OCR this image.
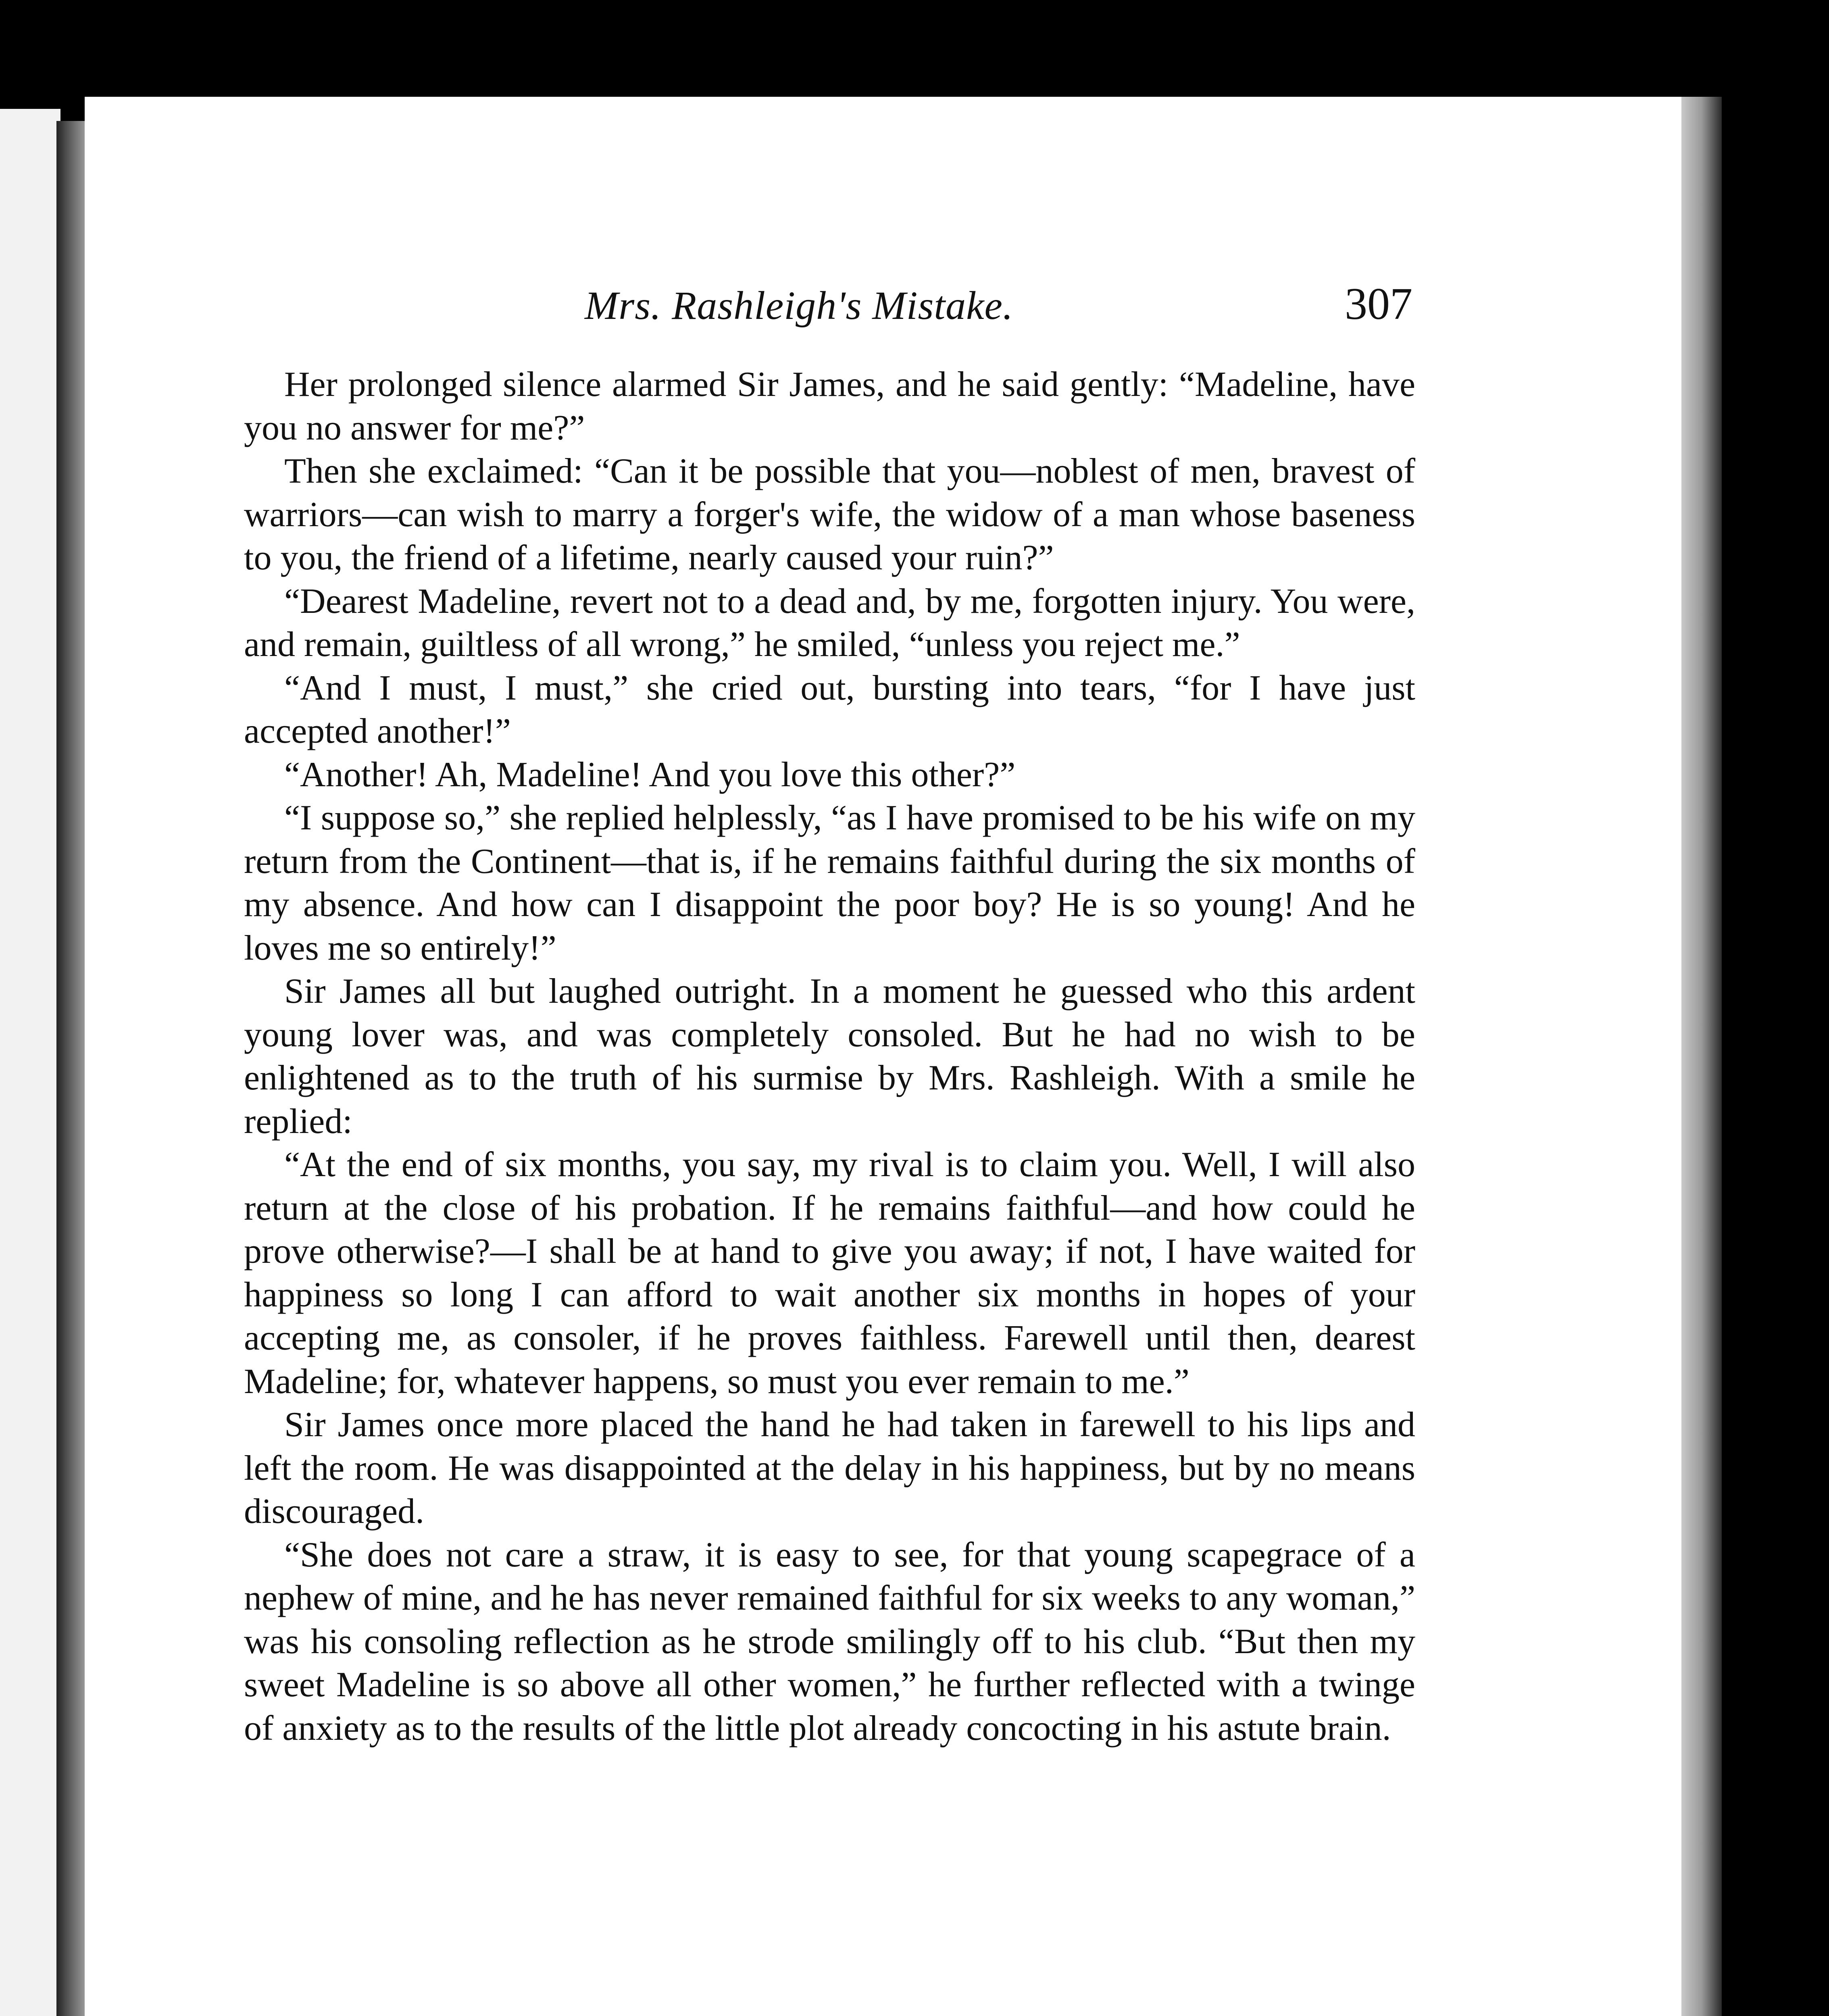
Mrs. Rashleigh's Mistake.	307

Her prolonged silence alarmed Sir James, and he said gently: “Madeline, have you no answer for me?”

Then she exclaimed: “Can it be possible that you—noblest of men, bravest of warriors—can wish to marry a forger's wife, the widow of a man whose baseness to you, the friend of a lifetime, nearly caused your ruin?”

“Dearest Madeline, revert not to a dead and, by me, forgotten injury. You were, and remain, guiltless of all wrong,” he smiled, “unless you reject me.”

“And I must, I must,” she cried out, bursting into tears, “for I have just accepted another!”

“Another! Ah, Madeline! And you love this other?”

“I suppose so,” she replied helplessly, “as I have promised to be his wife on my return from the Continent—that is, if he remains faithful during the six months of my absence. And how can I disappoint the poor boy? He is so young! And he loves me so entirely!”

Sir James all but laughed outright. In a moment he guessed who this ardent young lover was, and was completely consoled. But he had no wish to be enlightened as to the truth of his surmise by Mrs. Rashleigh. With a smile he replied:

“At the end of six months, you say, my rival is to claim you. Well, I will also return at the close of his probation. If he remains faithful—and how could he prove otherwise?—I shall be at hand to give you away; if not, I have waited for happiness so long I can afford to wait another six months in hopes of your accepting me, as consoler, if he proves faithless. Farewell until then, dearest Madeline; for, whatever happens, so must you ever remain to me.”

Sir James once more placed the hand he had taken in farewell to his lips and left the room. He was disappointed at the delay in his happiness, but by no means discouraged.

“She does not care a straw, it is easy to see, for that young scapegrace of a nephew of mine, and he has never remained faithful for six weeks to any woman,” was his consoling reflection as he strode smilingly off to his club. “But then my sweet Madeline is so above all other women,” he further reflected with a twinge of anxiety as to the results of the little plot already concocting in his astute brain.
